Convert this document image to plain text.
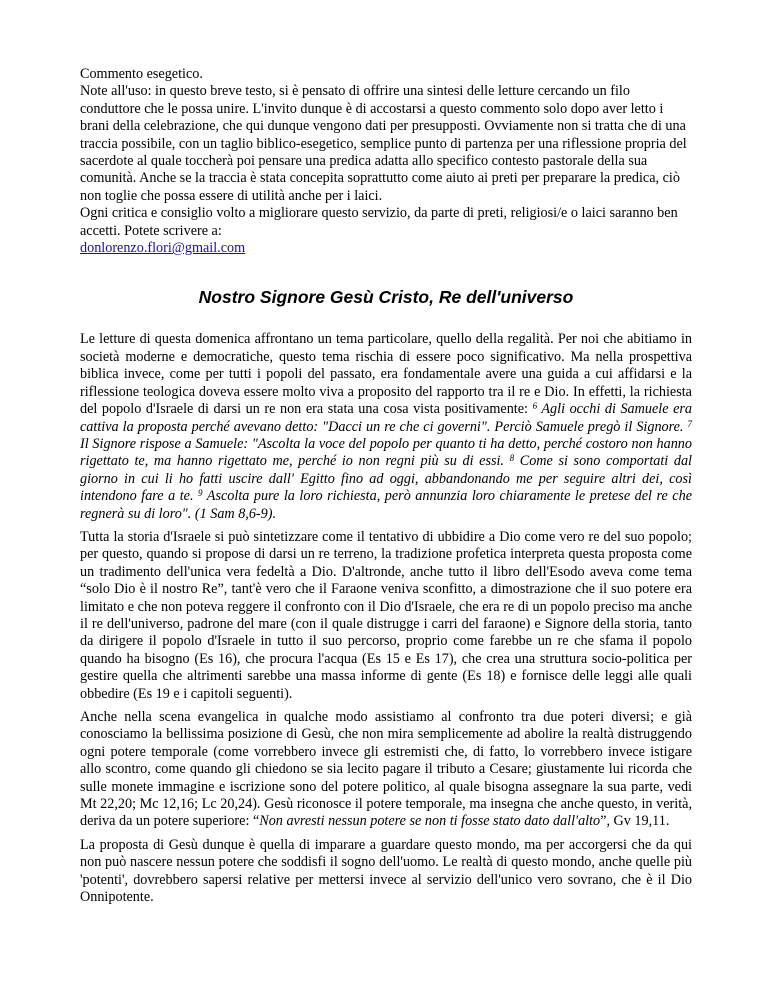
Commento esegetico.

Note all'uso: in questo breve testo, si è pensato di offrire una sintesi delle letture cercando un filo conduttore che le possa unire. L'invito dunque è di accostarsi a questo commento solo dopo aver letto i brani della celebrazione, che qui dunque vengono dati per presupposti. Ovviamente non si tratta che di una traccia possibile, con un taglio biblico-esegetico, semplice punto di partenza per una riflessione propria del sacerdote al quale toccherà poi pensare una predica adatta allo specifico contesto pastorale della sua comunità. Anche se la traccia è stata concepita soprattutto come aiuto ai preti per preparare la predica, ciò non toglie che possa essere di utilità anche per i laici.

Ogni critica e consiglio volto a migliorare questo servizio, da parte di preti, religiosi/e o laici saranno ben accetti. Potete scrivere a:

donlorenzo.flori@gmail.com

Nostro Signore Gesù Cristo, Re dell'universo

Le letture di questa domenica affrontano un tema particolare, quello della regalità. Per noi che abitiamo in società moderne e democratiche, questo tema rischia di essere poco significativo. Ma nella prospettiva biblica invece, come per tutti i popoli del passato, era fondamentale avere una guida a cui affidarsi e la riflessione teologica doveva essere molto viva a proposito del rapporto tra il re e Dio. In effetti, la richiesta del popolo d'Israele di darsi un re non era stata una cosa vista positivamente: $^6$ Agli occhi di Samuele era cattiva la proposta perché avevano detto: "Dacci un re che ci governi". Perciò Samuele pregò il Signore. $^7$ Il Signore rispose a Samuele: "Ascolta la voce del popolo per quanto ti ha detto, perché costoro non hanno rigettato te, ma hanno rigettato me, perché io non regni più su di essi. $^8$ Come si sono comportati dal giorno in cui li ho fatti uscire dall' Egitto fino ad oggi, abbandonando me per seguire altri dei, così intendono fare a te. $^9$ Ascolta pure la loro richiesta, però annunzia loro chiaramente le pretese del re che regnerà su di loro". (1 Sam 8,6-9).

Tutta la storia d'Israele si può sintetizzare come il tentativo di ubbidire a Dio come vero re del suo popolo; per questo, quando si propose di darsi un re terreno, la tradizione profetica interpreta questa proposta come un tradimento dell'unica vera fedeltà a Dio. D'altronde, anche tutto il libro dell'Esodo aveva come tema “solo Dio è il nostro Re”, tant'è vero che il Faraone veniva sconfitto, a dimostrazione che il suo potere era limitato e che non poteva reggere il confronto con il Dio d'Israele, che era re di un popolo preciso ma anche il re dell'universo, padrone del mare (con il quale distrugge i carri del faraone) e Signore della storia, tanto da dirigere il popolo d'Israele in tutto il suo percorso, proprio come farebbe un re che sfama il popolo quando ha bisogno (Es 16), che procura l'acqua (Es 15 e Es 17), che crea una struttura socio-politica per gestire quella che altrimenti sarebbe una massa informe di gente (Es 18) e fornisce delle leggi alle quali obbedire (Es 19 e i capitoli seguenti).

Anche nella scena evangelica in qualche modo assistiamo al confronto tra due poteri diversi; e già conosciamo la bellissima posizione di Gesù, che non mira semplicemente ad abolire la realtà distruggendo ogni potere temporale (come vorrebbero invece gli estremisti che, di fatto, lo vorrebbero invece istigare allo scontro, come quando gli chiedono se sia lecito pagare il tributo a Cesare; giustamente lui ricorda che sulle monete immagine e iscrizione sono del potere politico, al quale bisogna assegnare la sua parte, vedi Mt 22,20; Mc 12,16; Lc 20,24). Gesù riconosce il potere temporale, ma insegna che anche questo, in verità, deriva da un potere superiore: “Non avresti nessun potere se non ti fosse stato dato dall'alto”, Gv 19,11.

La proposta di Gesù dunque è quella di imparare a guardare questo mondo, ma per accorgersi che da qui non può nascere nessun potere che soddisfi il sogno dell'uomo. Le realtà di questo mondo, anche quelle più 'potenti', dovrebbero sapersi relative per mettersi invece al servizio dell'unico vero sovrano, che è il Dio Onnipotente.
